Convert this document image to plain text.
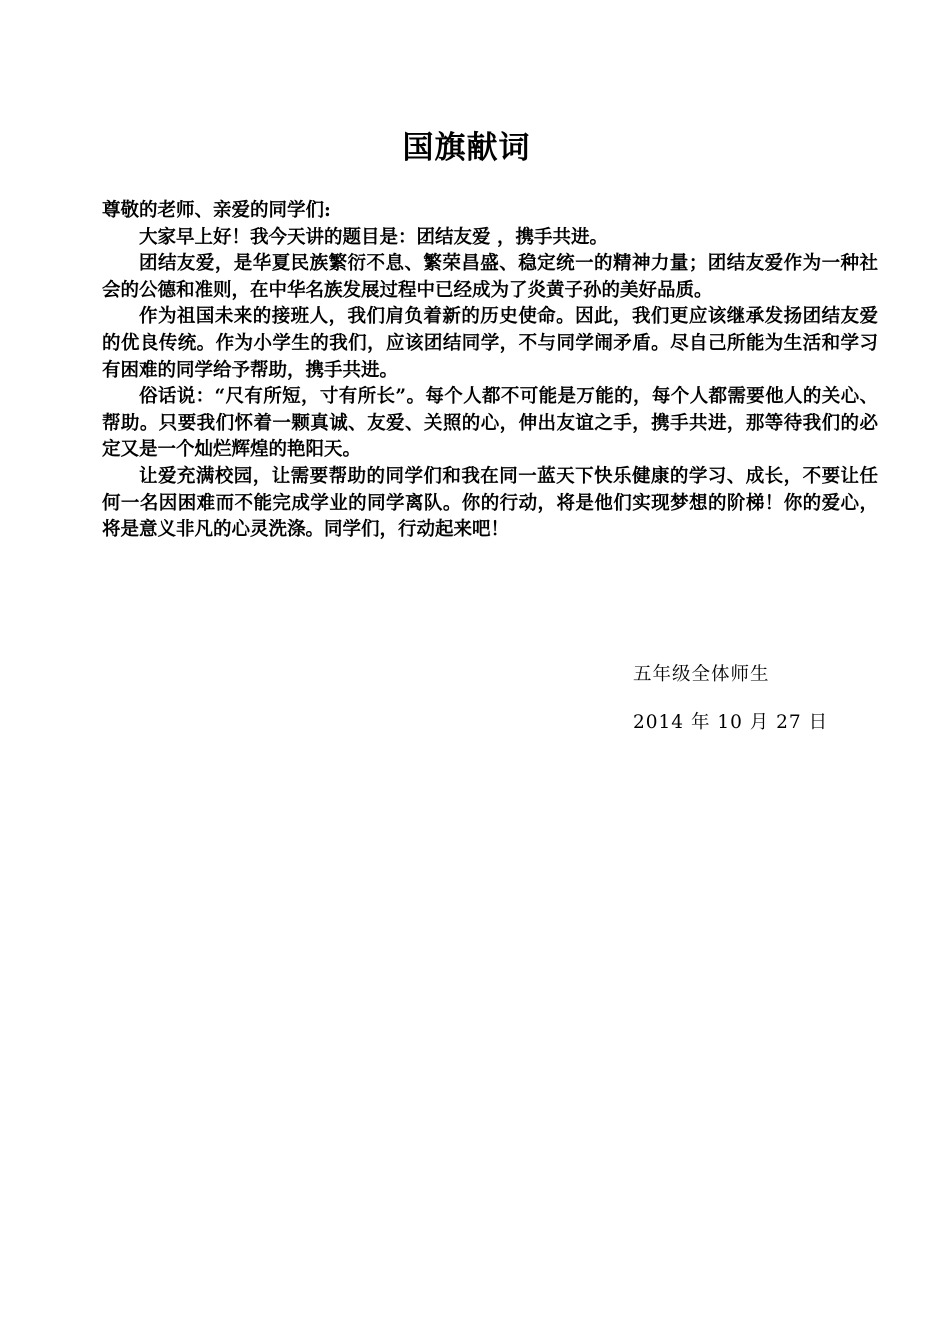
国旗献词

尊敬的老师、亲爱的同学们:

大家早上好！我今天讲的题目是：团结友爱 ，携手共进。

团结友爱，是华夏民族繁衍不息、繁荣昌盛、稳定统一的精神力量；团结友爱作为一种社会的公德和准则，在中华名族发展过程中已经成为了炎黄子孙的美好品质。

作为祖国未来的接班人，我们肩负着新的历史使命。因此，我们更应该继承发扬团结友爱的优良传统。作为小学生的我们，应该团结同学，不与同学闹矛盾。尽自己所能为生活和学习有困难的同学给予帮助，携手共进。

俗话说：“尺有所短，寸有所长”。每个人都不可能是万能的，每个人都需要他人的关心、帮助。只要我们怀着一颗真诚、友爱、关照的心，伸出友谊之手，携手共进，那等待我们的必定又是一个灿烂辉煌的艳阳天。

让爱充满校园，让需要帮助的同学们和我在同一蓝天下快乐健康的学习、成长，不要让任何一名因困难而不能完成学业的同学离队。你的行动，将是他们实现梦想的阶梯！你的爱心，将是意义非凡的心灵洗涤。同学们，行动起来吧！

五年级全体师生
2014 年 10 月 27 日
